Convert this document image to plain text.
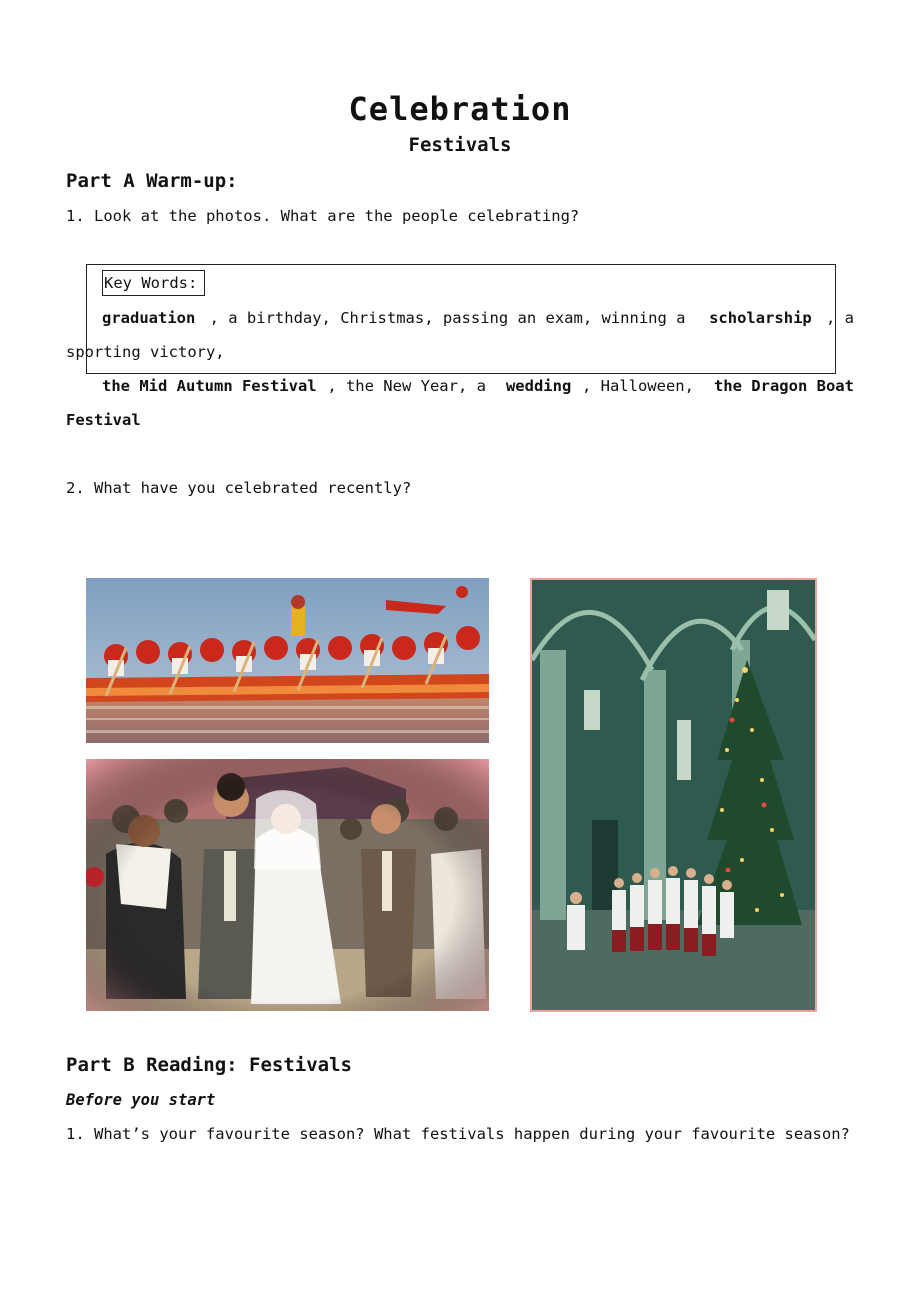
Celebration
Festivals
Part A Warm-up:
1. Look at the photos. What are the people celebrating?
Key Words:
graduation , a birthday, Christmas, passing an exam, winning a scholarship , a
sporting victory,
the Mid Autumn Festival , the New Year, a wedding , Halloween, the Dragon Boat
Festival
2. What have you celebrated recently?
Part B Reading: Festivals
Before you start
1. What’s your favourite season? What festivals happen during your favourite season?
